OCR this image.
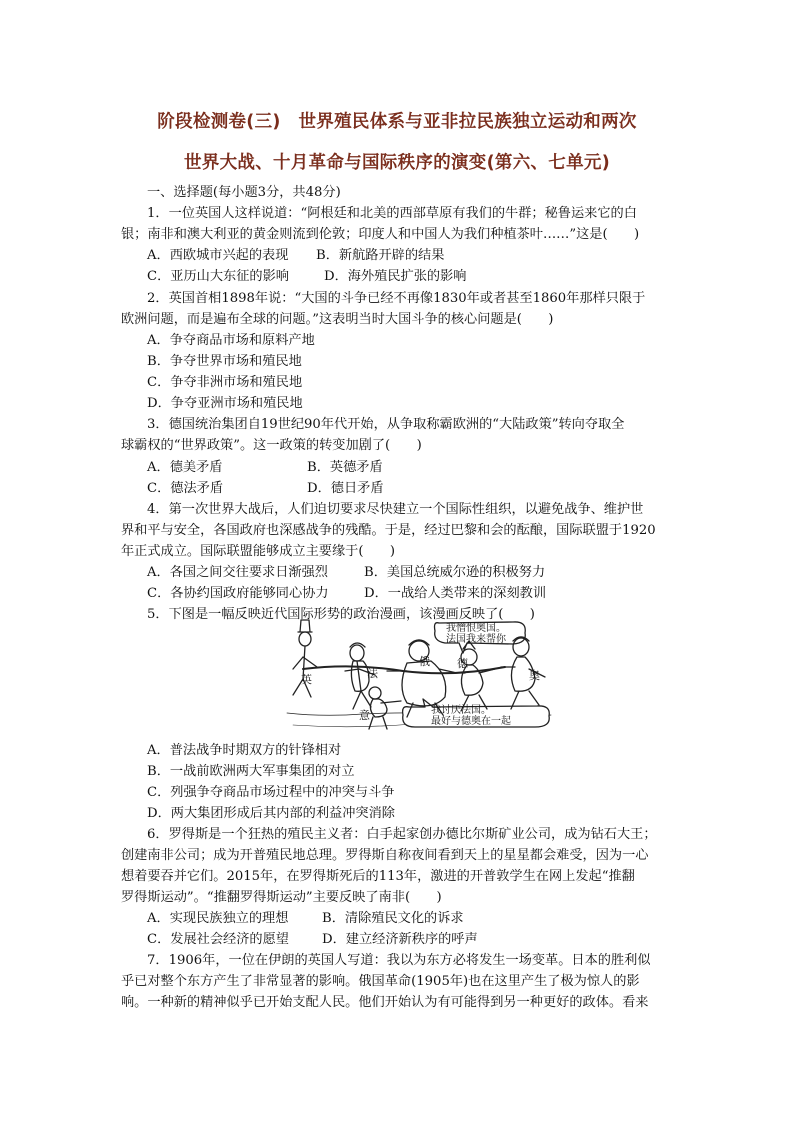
阶段检测卷(三)　世界殖民体系与亚非拉民族独立运动和两次
世界大战、十月革命与国际秩序的演变(第六、七单元)
一、选择题(每小题3分，共48分)
1．一位英国人这样说道：“阿根廷和北美的西部草原有我们的牛群；秘鲁运来它的白
银；南非和澳大利亚的黄金则流到伦敦；印度人和中国人为我们种植茶叶……”这是(　　)
A．西欧城市兴起的表现 B．新航路开辟的结果
C．亚历山大东征的影响	D．海外殖民扩张的影响
2．英国首相1898年说：“大国的斗争已经不再像1830年或者甚至1860年那样只限于
欧洲问题，而是遍布全球的问题。”这表明当时大国斗争的核心问题是(　　)
A．争夺商品市场和原料产地
B．争夺世界市场和殖民地
C．争夺非洲市场和殖民地
D．争夺亚洲市场和殖民地
3．德国统治集团自19世纪90年代开始，从争取称霸欧洲的“大陆政策”转向夺取全
球霸权的“世界政策”。这一政策的转变加剧了(　　)
A．德美矛盾	B．英德矛盾
C．德法矛盾	D．德日矛盾
4．第一次世界大战后，人们迫切要求尽快建立一个国际性组织，以避免战争、维护世
界和平与安全，各国政府也深感战争的残酷。于是，经过巴黎和会的酝酿，国际联盟于1920
年正式成立。国际联盟能够成立主要缘于(　　)
A．各国之间交往要求日渐强烈	B．美国总统威尔逊的积极努力
C．各协约国政府能够同心协力	D．一战给人类带来的深刻教训
5．下图是一幅反映近代国际形势的政治漫画，该漫画反映了(　　)
英	法
俄 德
奥
意
我憎恨奥国。
法国我来帮你
我讨厌法国。
最好与德奥在一起
A．普法战争时期双方的针锋相对
B．一战前欧洲两大军事集团的对立
C．列强争夺商品市场过程中的冲突与斗争
D．两大集团形成后其内部的利益冲突消除
6．罗得斯是一个狂热的殖民主义者：白手起家创办德比尔斯矿业公司，成为钻石大王；
创建南非公司；成为开普殖民地总理。罗得斯自称夜间看到天上的星星都会难受，因为一心
想着要吞并它们。2015年，在罗得斯死后的113年，激进的开普敦学生在网上发起“推翻
罗得斯运动”。“推翻罗得斯运动”主要反映了南非(　　)
A．实现民族独立的理想	B．清除殖民文化的诉求
C．发展社会经济的愿望	D．建立经济新秩序的呼声
7．1906年，一位在伊朗的英国人写道：我以为东方必将发生一场变革。日本的胜利似
乎已对整个东方产生了非常显著的影响。俄国革命(1905年)也在这里产生了极为惊人的影
响。一种新的精神似乎已开始支配人民。他们开始认为有可能得到另一种更好的政体。看来
